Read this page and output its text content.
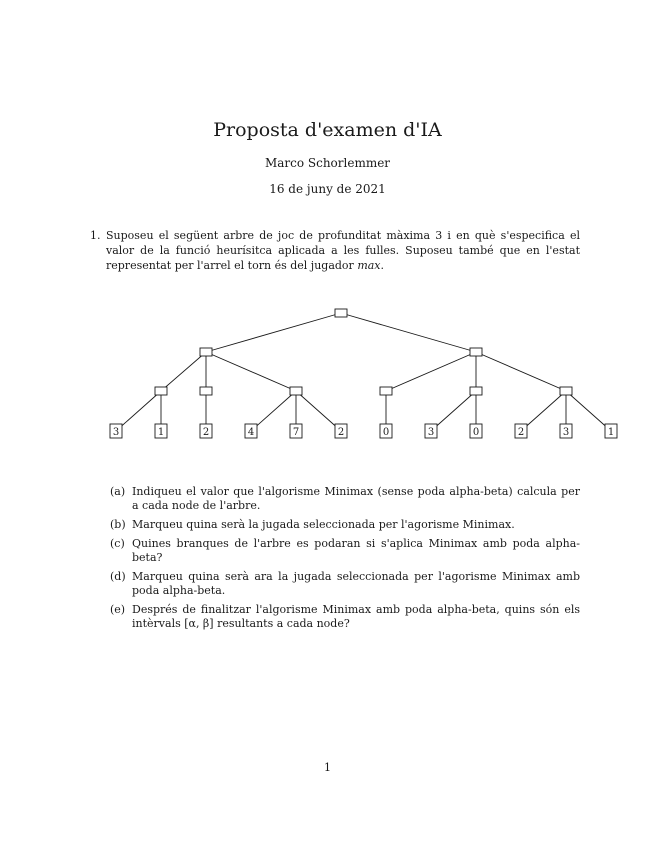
Proposta d'examen d'IA
Marco Schorlemmer
16 de juny de 2021
1. Suposeu el següent arbre de joc de profunditat màxima 3 i en què s'especifica el valor de la funció heurísitca aplicada a les fulles. Suposeu també que en l'estat representat per l'arrel el torn és del jugador max.
3	1	2	4	7	2	0	3	0	2	3	1
(a) Indiqueu el valor que l'algorisme Minimax (sense poda alpha-beta) calcula per a cada node de l'arbre.
(b) Marqueu quina serà la jugada seleccionada per l'agorisme Minimax.
(c) Quines branques de l'arbre es podaran si s'aplica Minimax amb poda alpha-beta?
(d) Marqueu quina serà ara la jugada seleccionada per l'agorisme Minimax amb poda alpha-beta.
(e) Després de finalitzar l'algorisme Minimax amb poda alpha-beta, quins són els intèrvals [α, β] resultants a cada node?
1
